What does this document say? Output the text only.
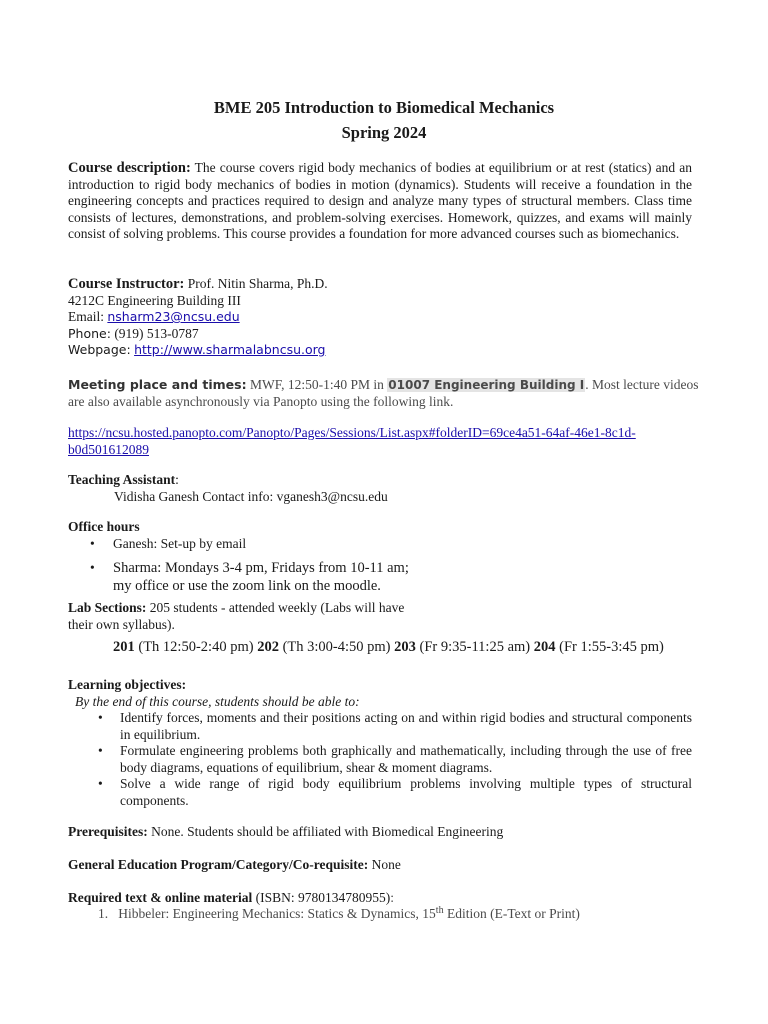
BME 205 Introduction to Biomedical Mechanics
Spring 2024
Course description: The course covers rigid body mechanics of bodies at equilibrium or at rest (statics) and an introduction to rigid body mechanics of bodies in motion (dynamics). Students will receive a foundation in the engineering concepts and practices required to design and analyze many types of structural members. Class time consists of lectures, demonstrations, and problem-solving exercises. Homework, quizzes, and exams will mainly consist of solving problems. This course provides a foundation for more advanced courses such as biomechanics.
Course Instructor: Prof. Nitin Sharma, Ph.D.
4212C Engineering Building III
Email: nsharm23@ncsu.edu
Phone: (919) 513-0787
Webpage: http://www.sharmalabncsu.org
Meeting place and times: MWF, 12:50-1:40 PM in 01007 Engineering Building I. Most lecture videos are also available asynchronously via Panopto using the following link.
https://ncsu.hosted.panopto.com/Panopto/Pages/Sessions/List.aspx#folderID=69ce4a51-64af-46e1-8c1d-
b0d501612089
Teaching Assistant:
Vidisha Ganesh Contact info: vganesh3@ncsu.edu
Office hours
• Ganesh: Set-up by email
• Sharma: Mondays 3-4 pm, Fridays from 10-11 am;
my office or use the zoom link on the moodle.
Lab Sections: 205 students - attended weekly (Labs will have
their own syllabus).
201 (Th 12:50-2:40 pm) 202 (Th 3:00-4:50 pm) 203 (Fr 9:35-11:25 am) 204 (Fr 1:55-3:45 pm)
Learning objectives:
By the end of this course, students should be able to:
• Identify forces, moments and their positions acting on and within rigid bodies and structural components in equilibrium.
• Formulate engineering problems both graphically and mathematically, including through the use of free body diagrams, equations of equilibrium, shear & moment diagrams.
• Solve a wide range of rigid body equilibrium problems involving multiple types of structural components.
Prerequisites: None. Students should be affiliated with Biomedical Engineering
General Education Program/Category/Co-requisite: None
Required text & online material (ISBN: 9780134780955):
1. Hibbeler: Engineering Mechanics: Statics & Dynamics, 15th Edition (E-Text or Print)
